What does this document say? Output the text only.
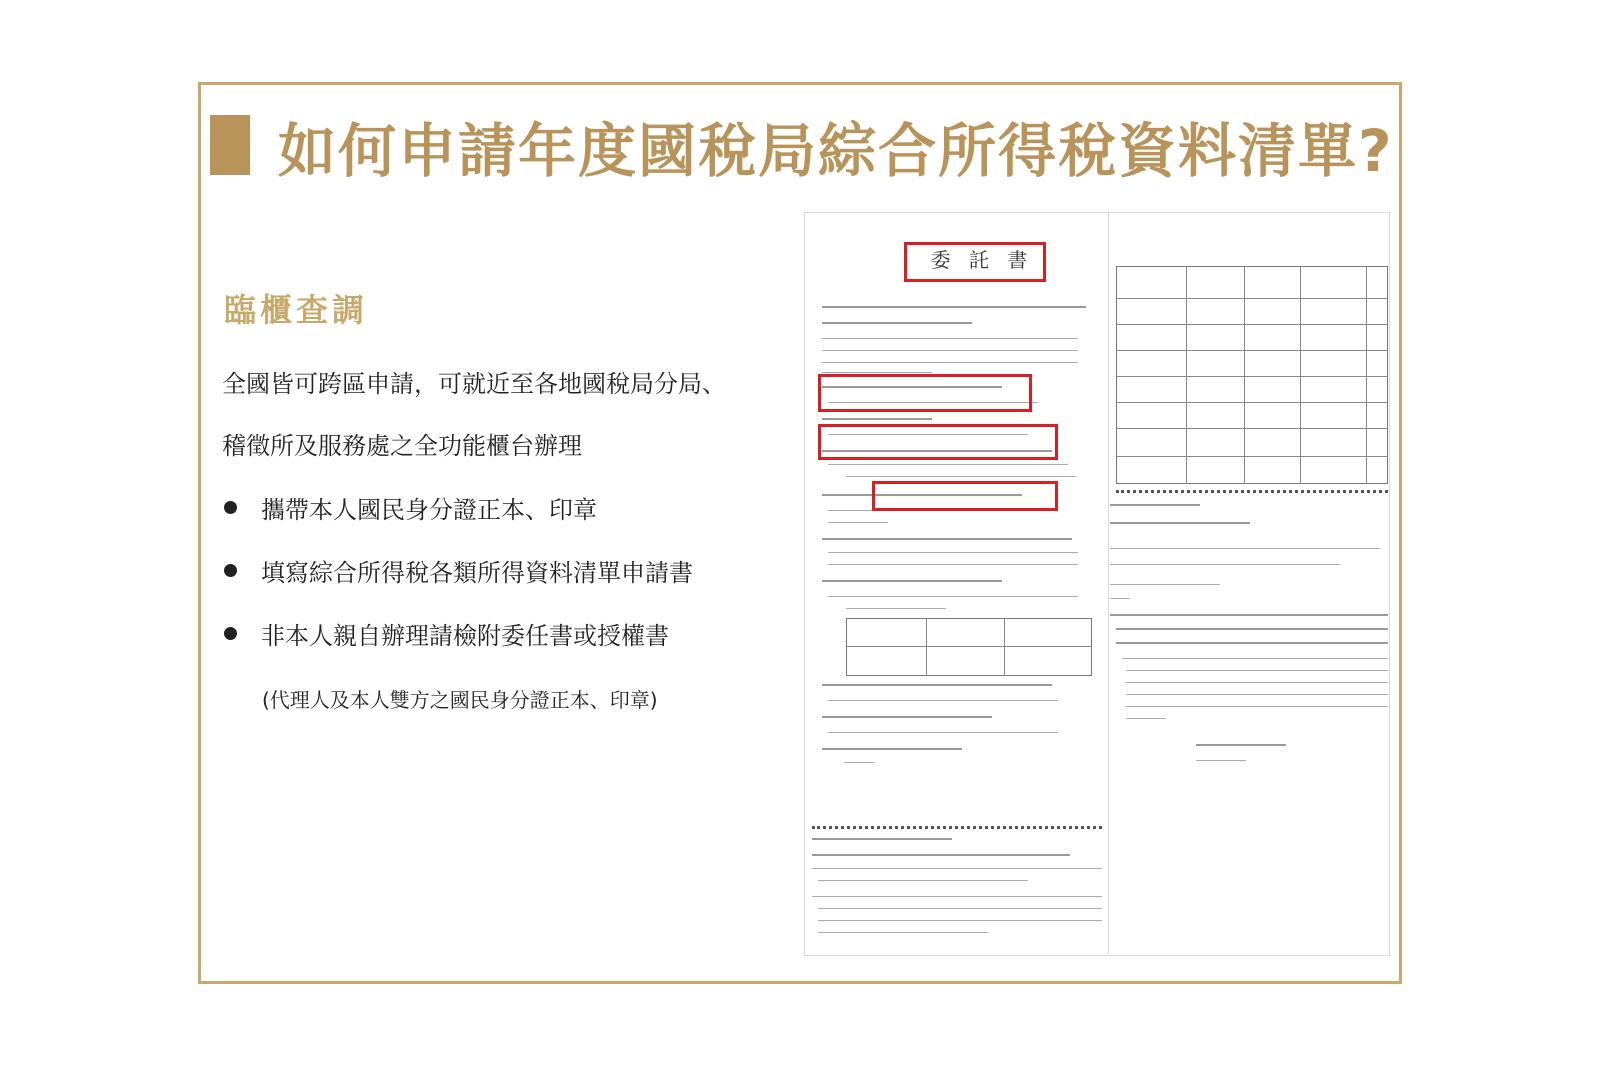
如何申請年度國稅局綜合所得稅資料清單?
臨櫃查調
全國皆可跨區申請，可就近至各地國稅局分局、
稽徵所及服務處之全功能櫃台辦理
攜帶本人國民身分證正本、印章
填寫綜合所得稅各類所得資料清單申請書
非本人親自辦理請檢附委任書或授權書
(代理人及本人雙方之國民身分證正本、印章)
委 託 書
